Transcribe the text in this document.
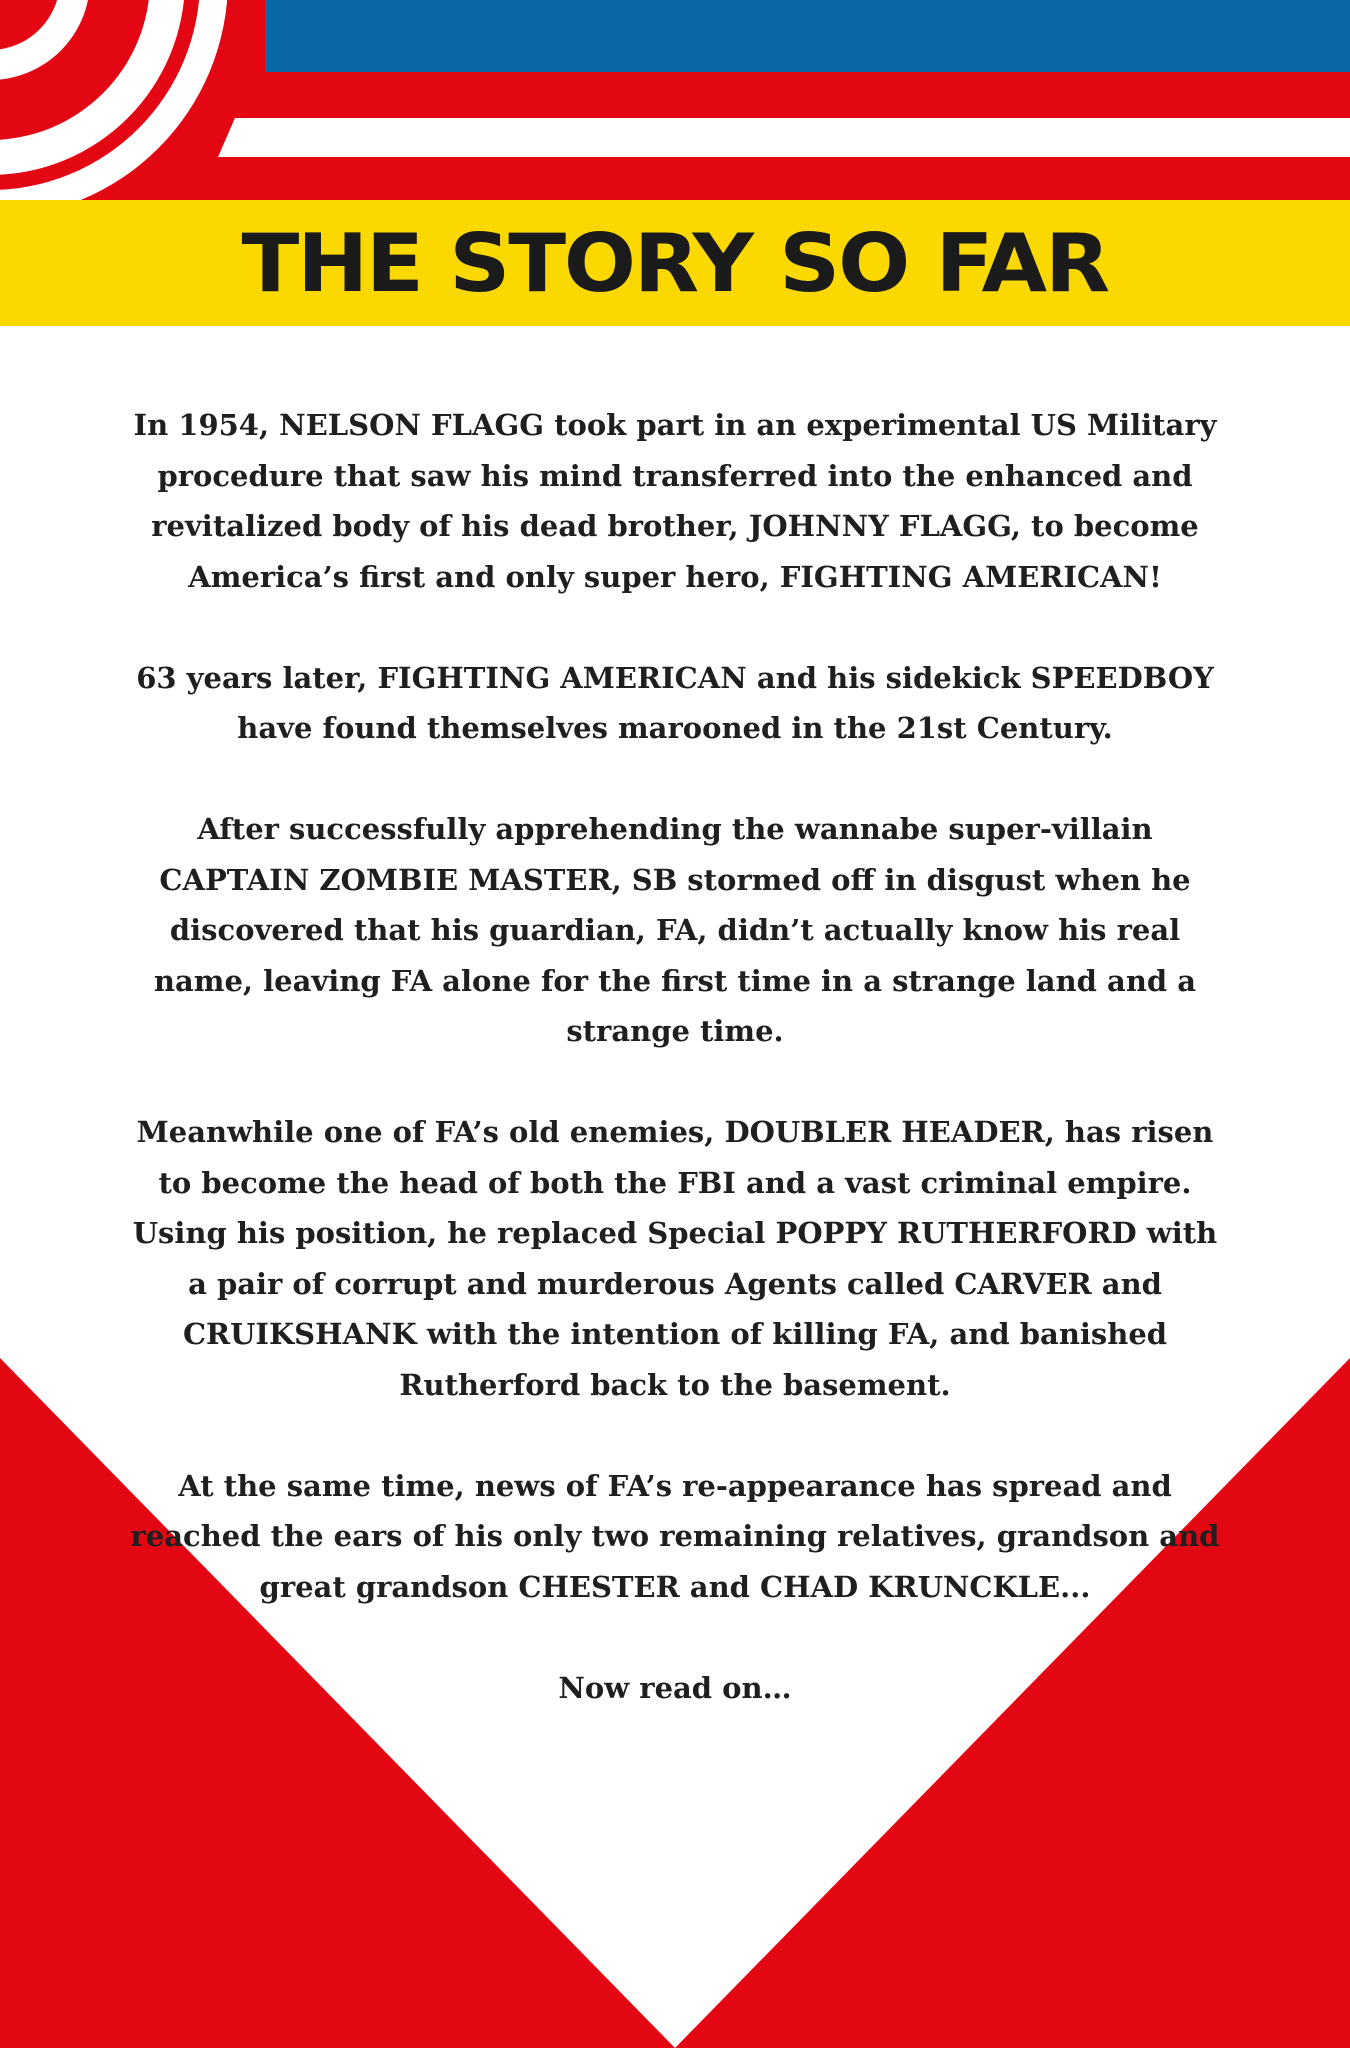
THE STORY SO FAR

In 1954, NELSON FLAGG took part in an experimental US Military procedure that saw his mind transferred into the enhanced and revitalized body of his dead brother, JOHNNY FLAGG, to become America’s first and only super hero, FIGHTING AMERICAN!

63 years later, FIGHTING AMERICAN and his sidekick SPEEDBOY have found themselves marooned in the 21st Century.

After successfully apprehending the wannabe super-villain CAPTAIN ZOMBIE MASTER, SB stormed off in disgust when he discovered that his guardian, FA, didn’t actually know his real name, leaving FA alone for the first time in a strange land and a strange time.

Meanwhile one of FA’s old enemies, DOUBLER HEADER, has risen to become the head of both the FBI and a vast criminal empire. Using his position, he replaced Special POPPY RUTHERFORD with a pair of corrupt and murderous Agents called CARVER and CRUIKSHANK with the intention of killing FA, and banished Rutherford back to the basement.

At the same time, news of FA’s re-appearance has spread and reached the ears of his only two remaining relatives, grandson and great grandson CHESTER and CHAD KRUNCKLE...

Now read on…
